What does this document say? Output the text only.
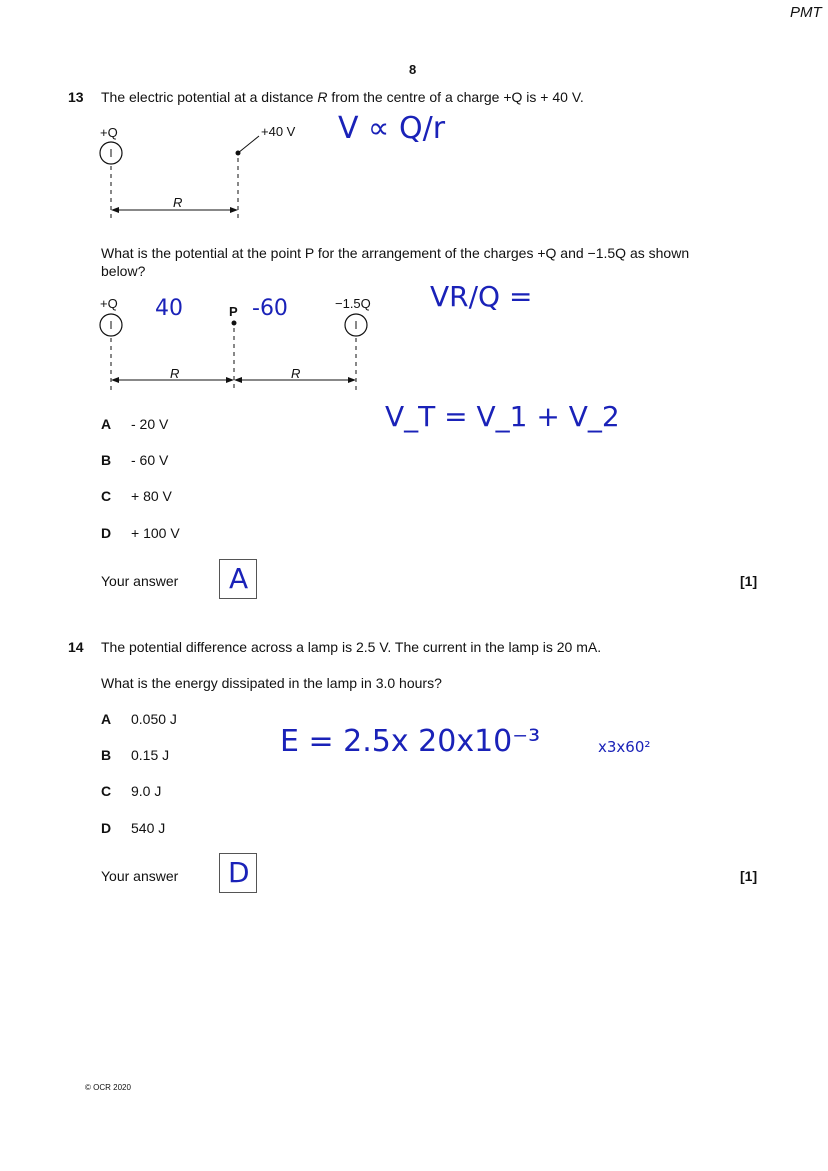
PMT
8
13 The electric potential at a distance R from the centre of a charge +Q is + 40 V.
+Q	+40 V
R
V ∝ Q/r
What is the potential at the point P for the arrangement of the charges +Q and −1.5Q as shown
below?
+Q
P
−1.5Q
R	R
40	-60	VR/Q =
V_T = V_1 + V_2
A - 20 V
B - 60 V
C + 80 V
D + 100 V
Your answer A	[1]
14 The potential difference across a lamp is 2.5 V. The current in the lamp is 20 mA.
What is the energy dissipated in the lamp in 3.0 hours?
A 0.050 J
B 0.15 J
C 9.0 J
D 540 J
E = 2.5x 20x10⁻³	x3x60²
Your answer D	[1]
© OCR 2020
